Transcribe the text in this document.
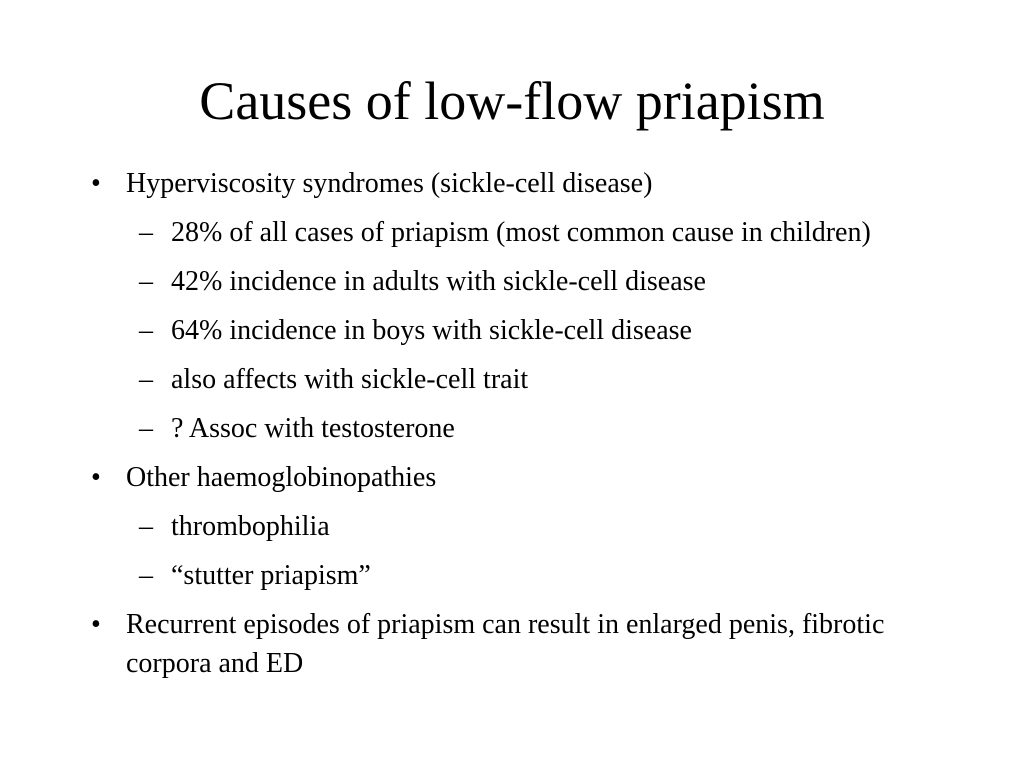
Causes of low-flow priapism
• Hyperviscosity syndromes (sickle-cell disease)
– 28% of all cases of priapism (most common cause in children)
– 42% incidence in adults with sickle-cell disease
– 64% incidence in boys with sickle-cell disease
– also affects with sickle-cell trait
– ? Assoc with testosterone
• Other haemoglobinopathies
– thrombophilia
– “stutter priapism”
• Recurrent episodes of priapism can result in enlarged penis, fibrotic corpora and ED
